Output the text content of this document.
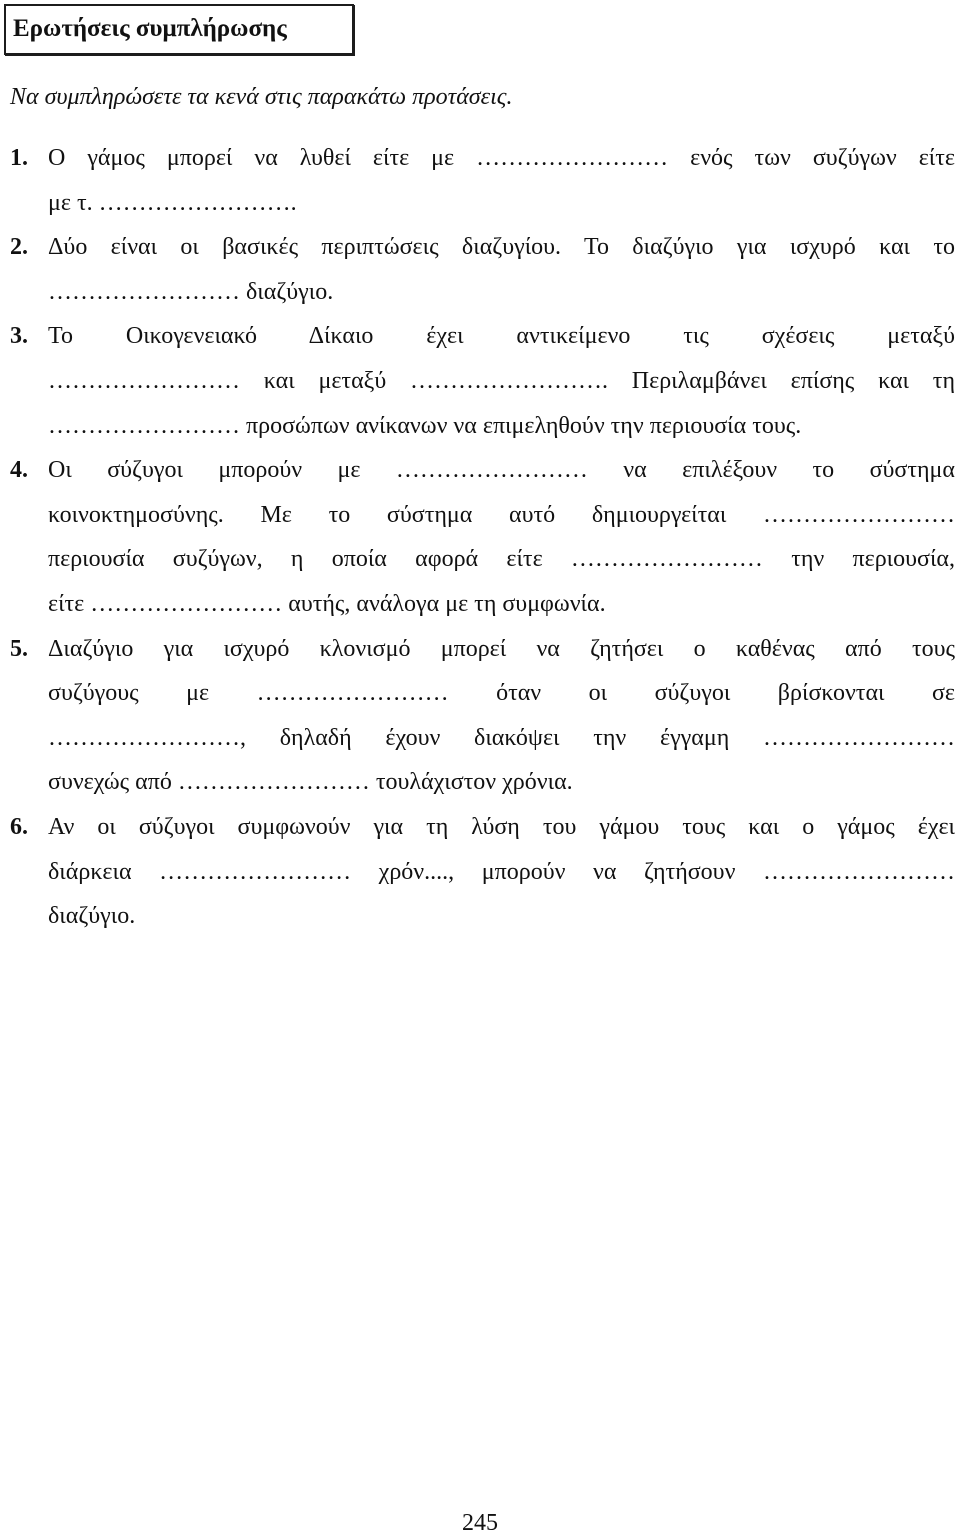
Ερωτήσεις συμπλήρωσης
Να συμπληρώσετε τα κενά στις παρακάτω προτάσεις.
1. Ο γάμος μπορεί να λυθεί είτε με …………………… ενός των συζύγων είτε
με τ. …………………….
2. Δύο είναι οι βασικές περιπτώσεις διαζυγίου. Το διαζύγιο για ισχυρό και το
…………………… διαζύγιο.
3. Το Οικογενειακό Δίκαιο έχει αντικείμενο τις σχέσεις μεταξύ
…………………… και μεταξύ ……………………. Περιλαμβάνει επίσης και τη
…………………… προσώπων ανίκανων να επιμεληθούν την περιουσία τους.
4. Οι σύζυγοι μπορούν με …………………… να επιλέξουν το σύστημα
κοινοκτημοσύνης. Με το σύστημα αυτό δημιουργείται ……………………
περιουσία συζύγων, η οποία αφορά είτε …………………… την περιουσία,
είτε …………………… αυτής, ανάλογα με τη συμφωνία.
5. Διαζύγιο για ισχυρό κλονισμό μπορεί να ζητήσει ο καθένας από τους
συζύγους με …………………… όταν οι σύζυγοι βρίσκονται σε
……………………, δηλαδή έχουν διακόψει την έγγαμη ……………………
συνεχώς από …………………… τουλάχιστον χρόνια.
6. Αν οι σύζυγοι συμφωνούν για τη λύση του γάμου τους και ο γάμος έχει
διάρκεια …………………… χρόν...., μπορούν να ζητήσουν ……………………
διαζύγιο.
245
